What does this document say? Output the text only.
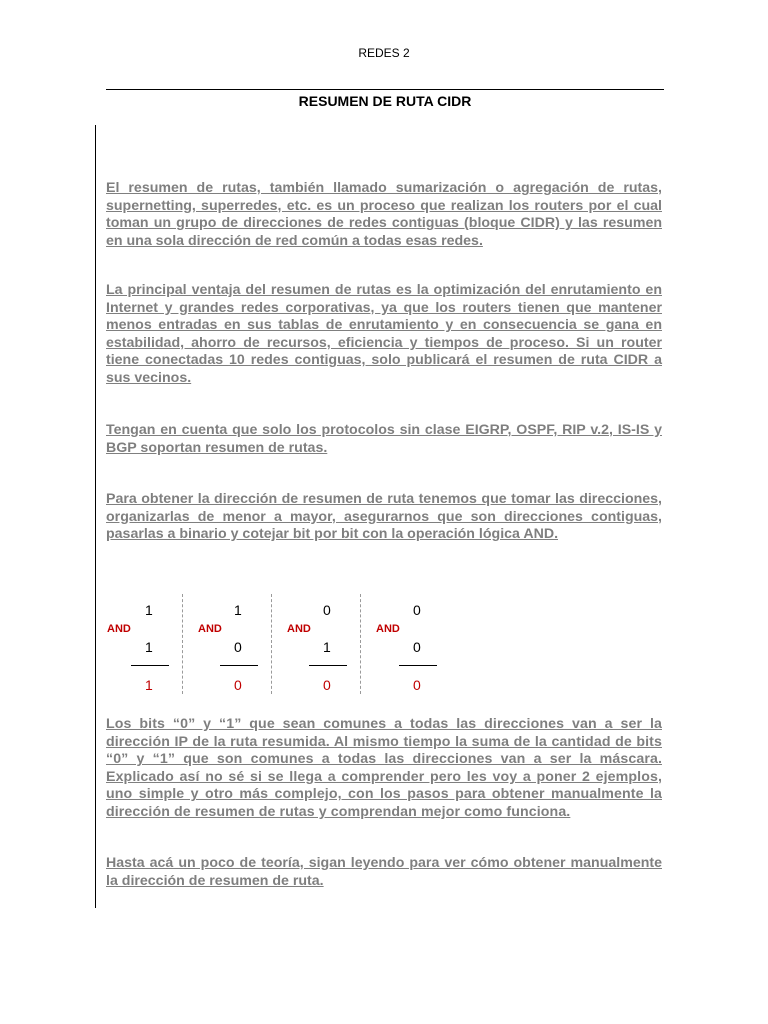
REDES 2
RESUMEN DE RUTA CIDR

El resumen de rutas, también llamado sumarización o agregación de rutas, supernetting, superredes, etc. es un proceso que realizan los routers por el cual toman un grupo de direcciones de redes contiguas (bloque CIDR) y las resumen en una sola dirección de red común a todas esas redes.

La principal ventaja del resumen de rutas es la optimización del enrutamiento en Internet y grandes redes corporativas, ya que los routers tienen que mantener menos entradas en sus tablas de enrutamiento y en consecuencia se gana en estabilidad, ahorro de recursos, eficiencia y tiempos de proceso. Si un router tiene conectadas 10 redes contiguas, solo publicará el resumen de ruta CIDR a sus vecinos.

Tengan en cuenta que solo los protocolos sin clase EIGRP, OSPF, RIP v.2, IS-IS y BGP soportan resumen de rutas.

Para obtener la dirección de resumen de ruta tenemos que tomar las direcciones, organizarlas de menor a mayor, asegurarnos que son direcciones contiguas, pasarlas a binario y cotejar bit por bit con la operación lógica AND.

1
AND
1
1
1
AND
0
0
0
AND
1
0
0
AND
0
0

Los bits “0” y “1” que sean comunes a todas las direcciones van a ser la dirección IP de la ruta resumida. Al mismo tiempo la suma de la cantidad de bits “0” y “1” que son comunes a todas las direcciones van a ser la máscara. Explicado así no sé si se llega a comprender pero les voy a poner 2 ejemplos, uno simple y otro más complejo, con los pasos para obtener manualmente la dirección de resumen de rutas y comprendan mejor como funciona.

Hasta acá un poco de teoría, sigan leyendo para ver cómo obtener manualmente la dirección de resumen de ruta.
